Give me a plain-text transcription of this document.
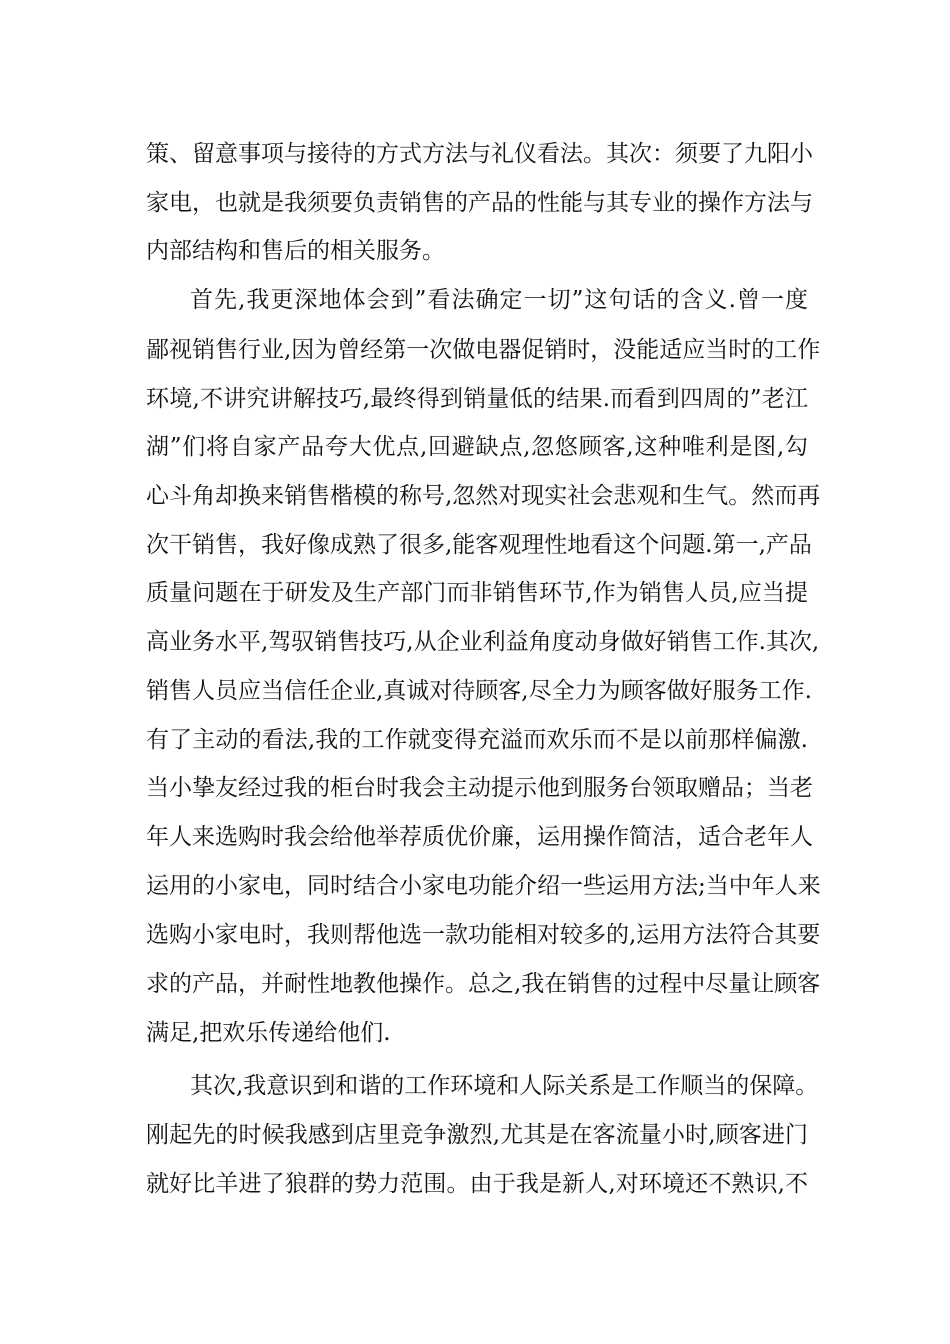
策、留意事项与接待的方式方法与礼仪看法。其次：须要了九阳小
家电，也就是我须要负责销售的产品的性能与其专业的操作方法与
内部结构和售后的相关服务。
首先,我更深地体会到”看法确定一切”这句话的含义.曾一度
鄙视销售行业,因为曾经第一次做电器促销时，没能适应当时的工作
环境,不讲究讲解技巧,最终得到销量低的结果.而看到四周的”老江
湖”们将自家产品夸大优点,回避缺点,忽悠顾客,这种唯利是图,勾
心斗角却换来销售楷模的称号,忽然对现实社会悲观和生气。然而再
次干销售，我好像成熟了很多,能客观理性地看这个问题.第一,产品
质量问题在于研发及生产部门而非销售环节,作为销售人员,应当提
高业务水平,驾驭销售技巧,从企业利益角度动身做好销售工作.其次,
销售人员应当信任企业,真诚对待顾客,尽全力为顾客做好服务工作.
有了主动的看法,我的工作就变得充溢而欢乐而不是以前那样偏激.
当小挚友经过我的柜台时我会主动提示他到服务台领取赠品；当老
年人来选购时我会给他举荐质优价廉，运用操作简洁，适合老年人
运用的小家电，同时结合小家电功能介绍一些运用方法;当中年人来
选购小家电时，我则帮他选一款功能相对较多的,运用方法符合其要
求的产品，并耐性地教他操作。总之,我在销售的过程中尽量让顾客
满足,把欢乐传递给他们.
其次,我意识到和谐的工作环境和人际关系是工作顺当的保障。
刚起先的时候我感到店里竞争激烈,尤其是在客流量小时,顾客进门
就好比羊进了狼群的势力范围。由于我是新人,对环境还不熟识,不
